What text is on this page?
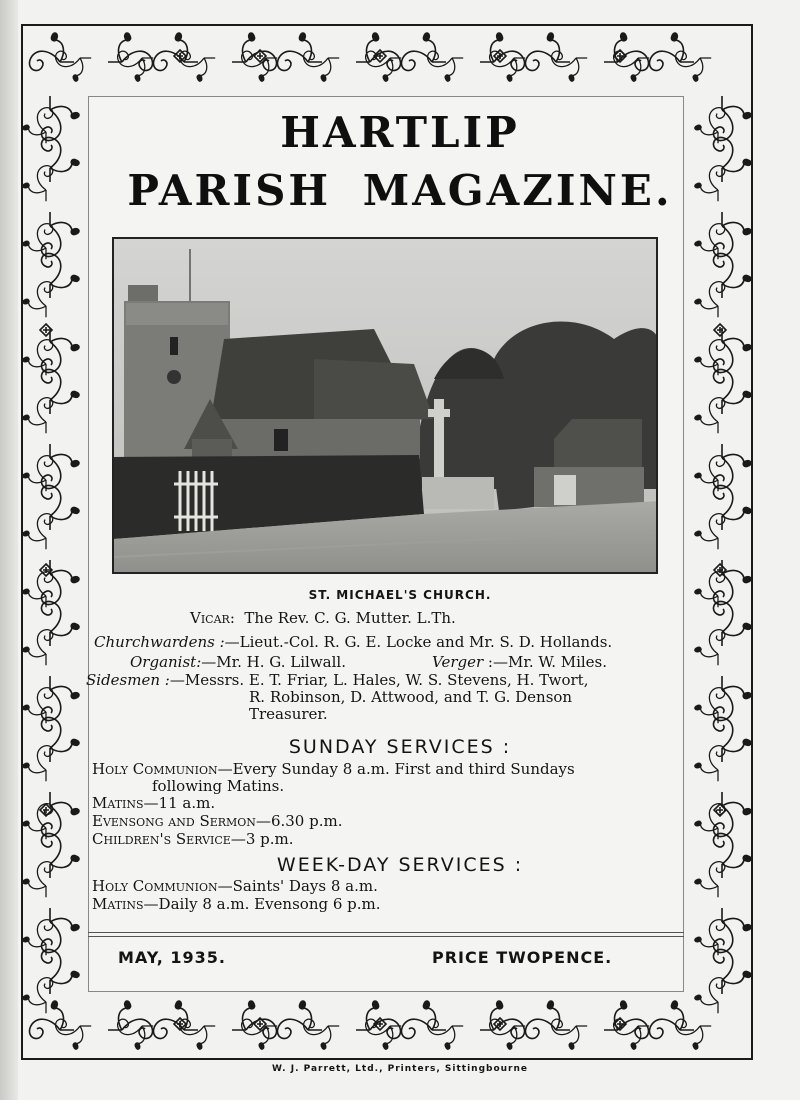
HARTLIP
PARISH MAGAZINE.
ST. MICHAEL'S CHURCH.
Vicar: The Rev. C. G. Mutter. L.Th.
Churchwardens :—Lieut.-Col. R. G. E. Locke and Mr. S. D. Hollands.
Organist:—Mr. H. G. Lilwall.	Verger :—Mr. W. Miles.
Sidesmen :—Messrs. E. T. Friar, L. Hales, W. S. Stevens, H. Twort,
R. Robinson, D. Attwood, and T. G. Denson
Treasurer.
SUNDAY SERVICES :
Holy Communion—Every Sunday 8 a.m. First and third Sundays
following Matins.
Matins—11 a.m.
Evensong and Sermon—6.30 p.m.
Children's Service—3 p.m.
WEEK-DAY SERVICES :
Holy Communion—Saints' Days 8 a.m.
Matins—Daily 8 a.m. Evensong 6 p.m.
MAY, 1935.	PRICE TWOPENCE.
W. J. Parrett, Ltd., Printers, Sittingbourne
